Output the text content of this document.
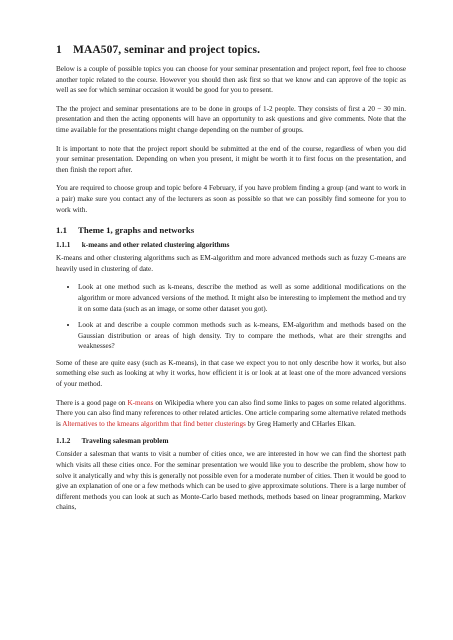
1 MAA507, seminar and project topics.

Below is a couple of possible topics you can choose for your seminar presentation and project report, feel free to choose another topic related to the course. However you should then ask first so that we know and can approve of the topic as well as see for which seminar occasion it would be good for you to present.

The the project and seminar presentations are to be done in groups of 1-2 people. They consists of first a 20 − 30 min. presentation and then the acting opponents will have an opportunity to ask questions and give comments. Note that the time available for the presentations might change depending on the number of groups.

It is important to note that the project report should be submitted at the end of the course, regardless of when you did your seminar presentation. Depending on when you present, it might be worth it to first focus on the presentation, and then finish the report after.

You are required to choose group and topic before 4 February, if you have problem finding a group (and want to work in a pair) make sure you contact any of the lecturers as soon as possible so that we can possibly find someone for you to work with.

1.1 Theme 1, graphs and networks
1.1.1 k-means and other related clustering algorithms

K-means and other clustering algorithms such as EM-algorithm and more advanced methods such as fuzzy C-means are heavily used in clustering of date.

• Look at one method such as k-means, describe the method as well as some additional modifications on the algorithm or more advanced versions of the method. It might also be interesting to implement the method and try it on some data (such as an image, or some other dataset you got).
• Look at and describe a couple common methods such as k-means, EM-algorithm and methods based on the Gaussian distribution or areas of high density. Try to compare the methods, what are their strengths and weaknesses?

Some of these are quite easy (such as K-means), in that case we expect you to not only describe how it works, but also something else such as looking at why it works, how efficient it is or look at at least one of the more advanced versions of your method.

There is a good page on K-means on Wikipedia where you can also find some links to pages on some related algorithms. There you can also find many references to other related articles. One article comparing some alternative related methods is Alternatives to the kmeans algorithm that find better clusterings by Greg Hamerly and CHarles Elkan.

1.1.2 Traveling salesman problem

Consider a salesman that wants to visit a number of cities once, we are interested in how we can find the shortest path which visits all these cities once. For the seminar presentation we would like you to describe the problem, show how to solve it analytically and why this is generally not possible even for a moderate number of cities. Then it would be good to give an explanation of one or a few methods which can be used to give approximate solutions. There is a large number of different methods you can look at such as Monte-Carlo based methods, methods based on linear programming, Markov chains,
